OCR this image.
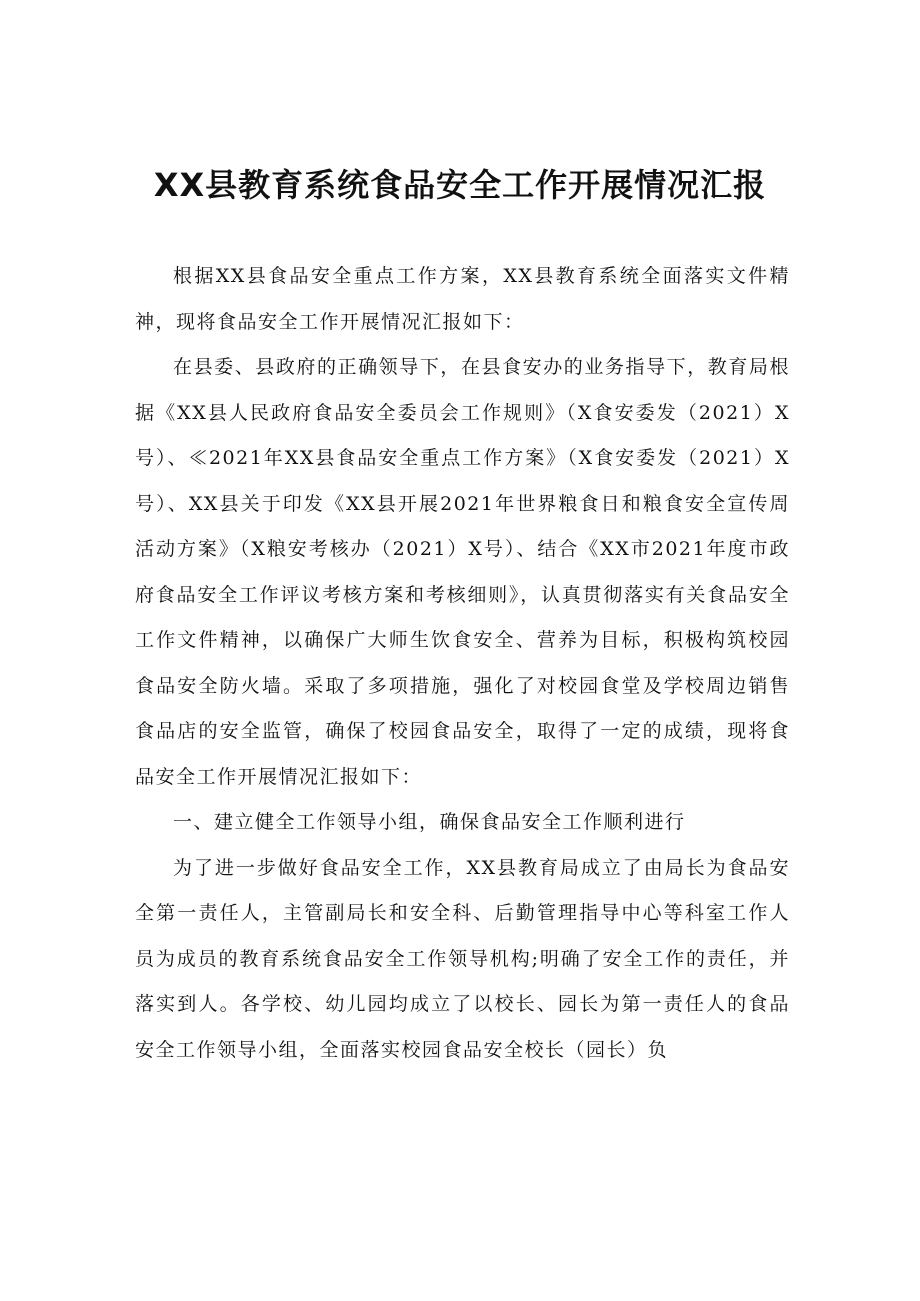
XX县教育系统食品安全工作开展情况汇报

根据XX县食品安全重点工作方案，XX县教育系统全面落实文件精神，现将食品安全工作开展情况汇报如下：

在县委、县政府的正确领导下，在县食安办的业务指导下，教育局根据《XX县人民政府食品安全委员会工作规则》（X食安委发（2021）X号）、≪2021年XX县食品安全重点工作方案》（X食安委发（2021）X号）、XX县关于印发《XX县开展2021年世界粮食日和粮食安全宣传周活动方案》（X粮安考核办（2021）X号）、结合《XX市2021年度市政府食品安全工作评议考核方案和考核细则》，认真贯彻落实有关食品安全工作文件精神，以确保广大师生饮食安全、营养为目标，积极构筑校园食品安全防火墙。采取了多项措施，强化了对校园食堂及学校周边销售食品店的安全监管，确保了校园食品安全，取得了一定的成绩，现将食品安全工作开展情况汇报如下：

一、建立健全工作领导小组，确保食品安全工作顺利进行

为了进一步做好食品安全工作，XX县教育局成立了由局长为食品安全第一责任人，主管副局长和安全科、后勤管理指导中心等科室工作人员为成员的教育系统食品安全工作领导机构;明确了安全工作的责任，并落实到人。各学校、幼儿园均成立了以校长、园长为第一责任人的食品安全工作领导小组，全面落实校园食品安全校长（园长）负
